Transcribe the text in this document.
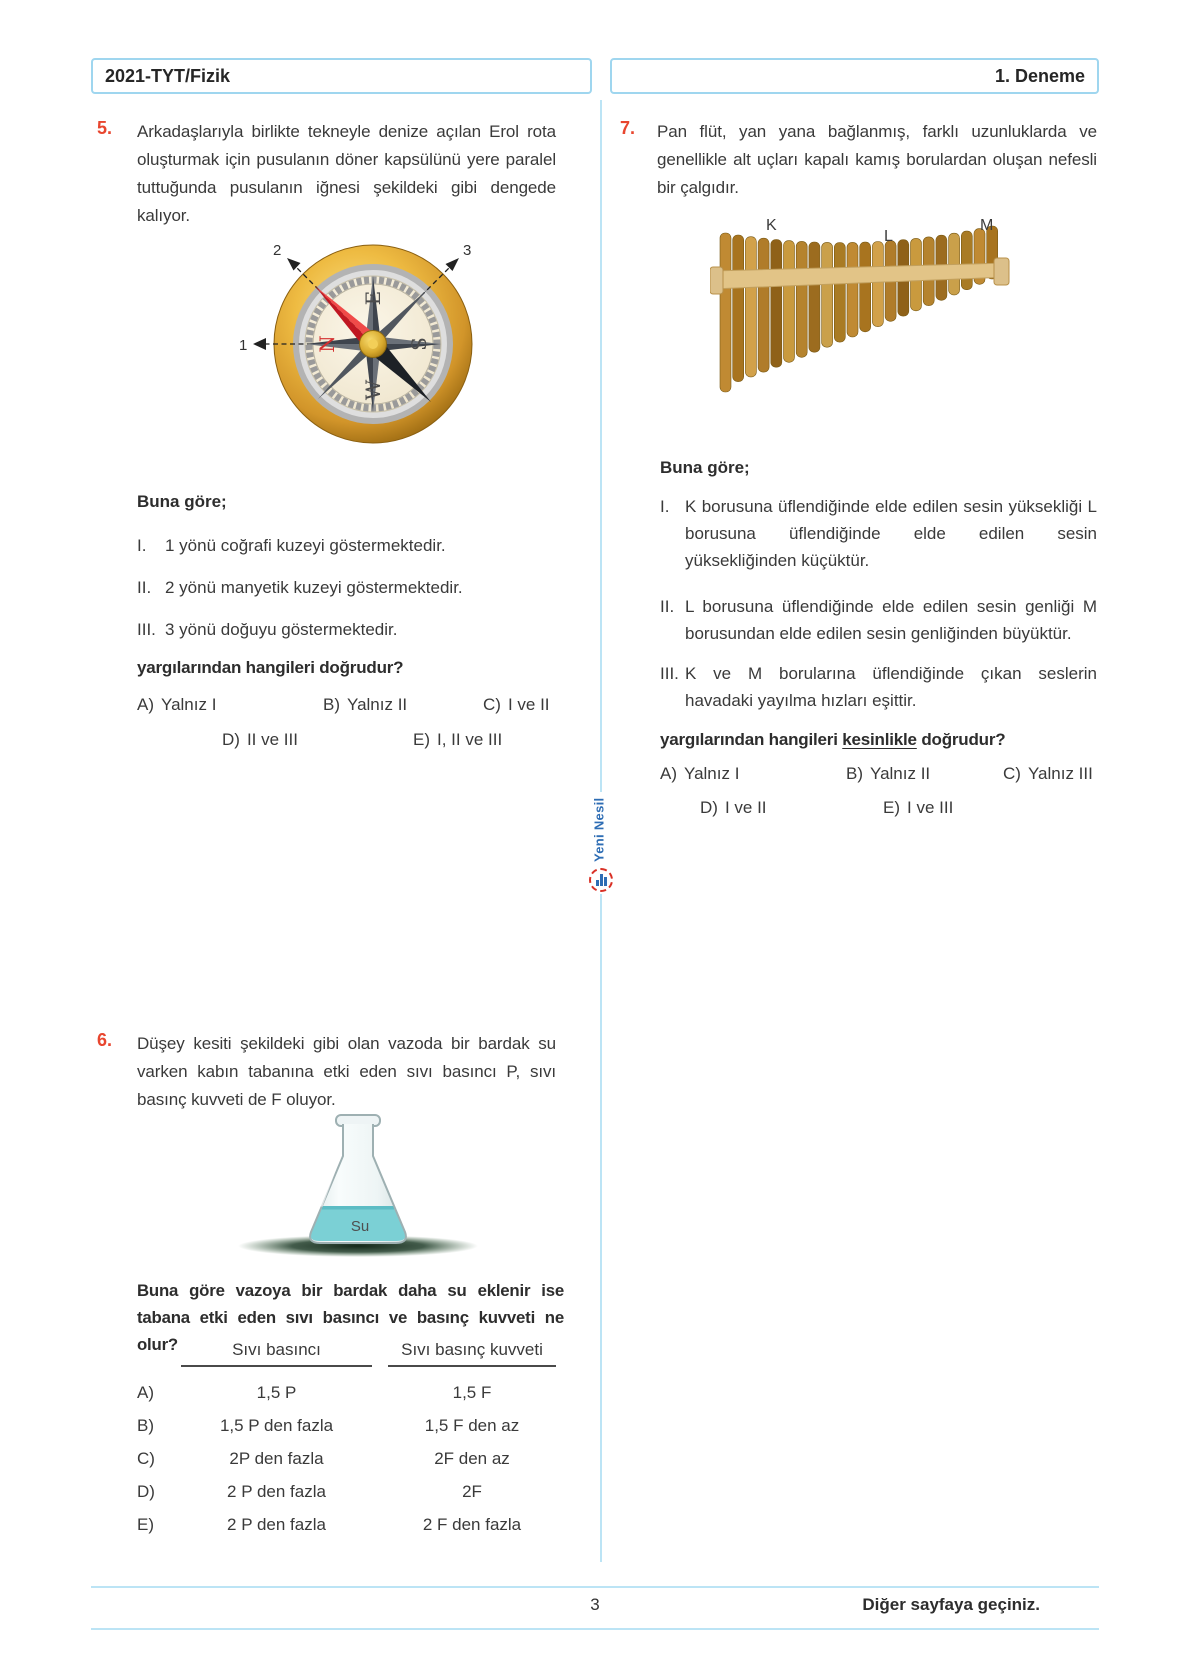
2021-TYT/Fizik	1. Deneme
Yeni Nesil
5. Arkadaşlarıyla birlikte tekneyle denize açılan Erol rota oluşturmak için pusulanın döner kapsülünü yere paralel tuttuğunda pusulanın iğnesi şekildeki gibi dengede kalıyor.

1
2	3
E
S
W
N

Buna göre;

I. 1 yönü coğrafi kuzeyi göstermektedir.
II. 2 yönü manyetik kuzeyi göstermektedir.
III. 3 yönü doğuyu göstermektedir.

yargılarından hangileri doğrudur?

A) Yalnız I	B) Yalnız II	C) I ve II
D) II ve III	E) I, II ve III
6. Düşey kesiti şekildeki gibi olan vazoda bir bardak su varken kabın tabanına etki eden sıvı basıncı P, sıvı basınç kuvveti de F oluyor.

Su

Buna göre vazoya bir bardak daha su eklenir ise tabana etki eden sıvı basıncı ve basınç kuvveti ne olur?	Sıvı basıncı	Sıvı basınç kuvveti
A)	1,5 P	1,5 F
B)	1,5 P den fazla	1,5 F den az
C)	2P den fazla	2F den az
D)	2 P den fazla	2F
E)	2 P den fazla	2 F den fazla
7. Pan flüt, yan yana bağlanmış, farklı uzunluklarda ve genellikle alt uçları kapalı kamış borulardan oluşan nefesli bir çalgıdır.

K
L
M

Buna göre;

I. K borusuna üflendiğinde elde edilen sesin yüksekliği L borusuna üflendiğinde elde edilen sesin yüksekliğinden küçüktür.
II. L borusuna üflendiğinde elde edilen sesin genliği M borusundan elde edilen sesin genliğinden büyüktür.
III. K ve M borularına üflendiğinde çıkan seslerin havadaki yayılma hızları eşittir.

yargılarından hangileri kesinlikle doğrudur?

A) Yalnız I	B) Yalnız II	C) Yalnız III
D) I ve II	E) I ve III
3	Diğer sayfaya geçiniz.
